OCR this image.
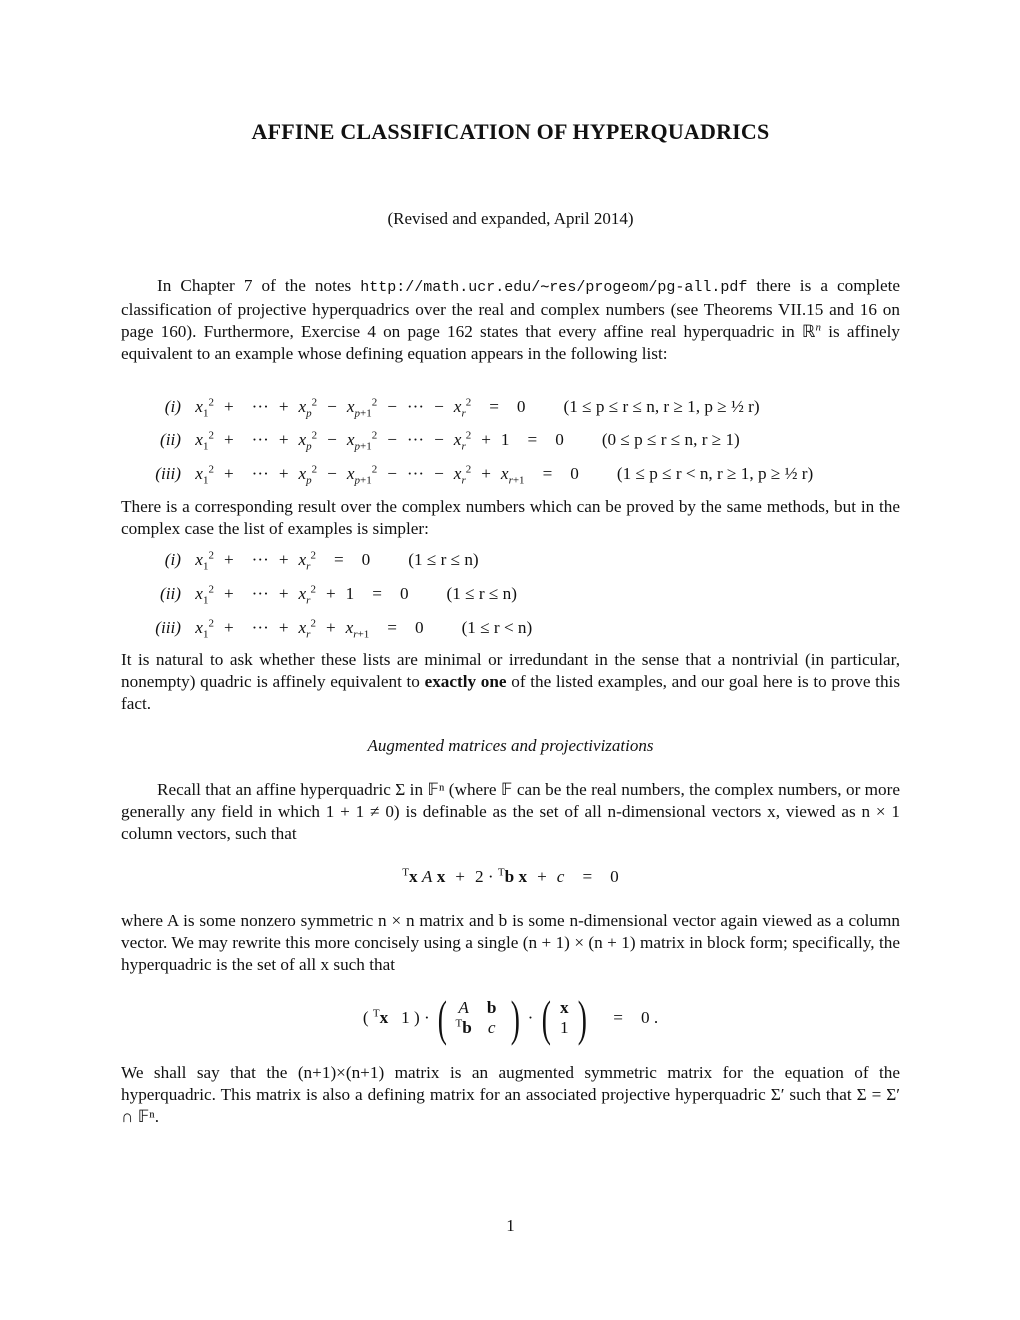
AFFINE CLASSIFICATION OF HYPERQUADRICS
(Revised and expanded, April 2014)
In Chapter 7 of the notes http://math.ucr.edu/∼res/progeom/pg-all.pdf there is a complete classification of projective hyperquadrics over the real and complex numbers (see Theorems VII.15 and 16 on page 160). Furthermore, Exercise 4 on page 162 states that every affine real hyperquadric in ℝ$^n$ is affinely equivalent to an example whose defining equation appears in the following list:
(i) $x_1^2$ + ··· + $x_p^2 - x_{p+1}^2$ − ··· − $x_r^2 = 0$ (1 ≤ p ≤ r ≤ n, r ≥ 1, p ≥ ½ r)
(ii) $x_1^2$ + ··· + $x_p^2 - x_{p+1}^2$ − ··· − $x_r^2 + 1 = 0$ (0 ≤ p ≤ r ≤ n, r ≥ 1)
(iii) $x_1^2$ + ··· + $x_p^2 - x_{p+1}^2$ − ··· − $x_r^2 + x_{r+1} = 0$ (1 ≤ p ≤ r < n, r ≥ 1, p ≥ ½ r)
There is a corresponding result over the complex numbers which can be proved by the same methods, but in the complex case the list of examples is simpler:
(i) $x_1^2$ + ··· + $x_r^2 = 0$ (1 ≤ r ≤ n)
(ii) $x_1^2$ + ··· + $x_r^2 + 1 = 0$ (1 ≤ r ≤ n)
(iii) $x_1^2$ + ··· + $x_r^2 + x_{r+1} = 0$ (1 ≤ r < n)
It is natural to ask whether these lists are minimal or irredundant in the sense that a nontrivial (in particular, nonempty) quadric is affinely equivalent to exactly one of the listed examples, and our goal here is to prove this fact.
Augmented matrices and projectivizations
Recall that an affine hyperquadric Σ in 𝔽ⁿ (where 𝔽 can be the real numbers, the complex numbers, or more generally any field in which 1 + 1 ≠ 0) is definable as the set of all n-dimensional vectors x, viewed as n × 1 column vectors, such that
$^T$x A x + 2 · $^T$b x + c = 0
where A is some nonzero symmetric n × n matrix and b is some n-dimensional vector again viewed as a column vector. We may rewrite this more concisely using a single (n + 1) × (n + 1) matrix in block form; specifically, the hyperquadric is the set of all x such that
( $^T$x   1 ) · ( A	b
$^T$b c ) · ( x
1 ) = 0 .
We shall say that the (n+1)×(n+1) matrix is an augmented symmetric matrix for the equation of the hyperquadric. This matrix is also a defining matrix for an associated projective hyperquadric Σ′ such that Σ = Σ′ ∩ 𝔽ⁿ.
1
